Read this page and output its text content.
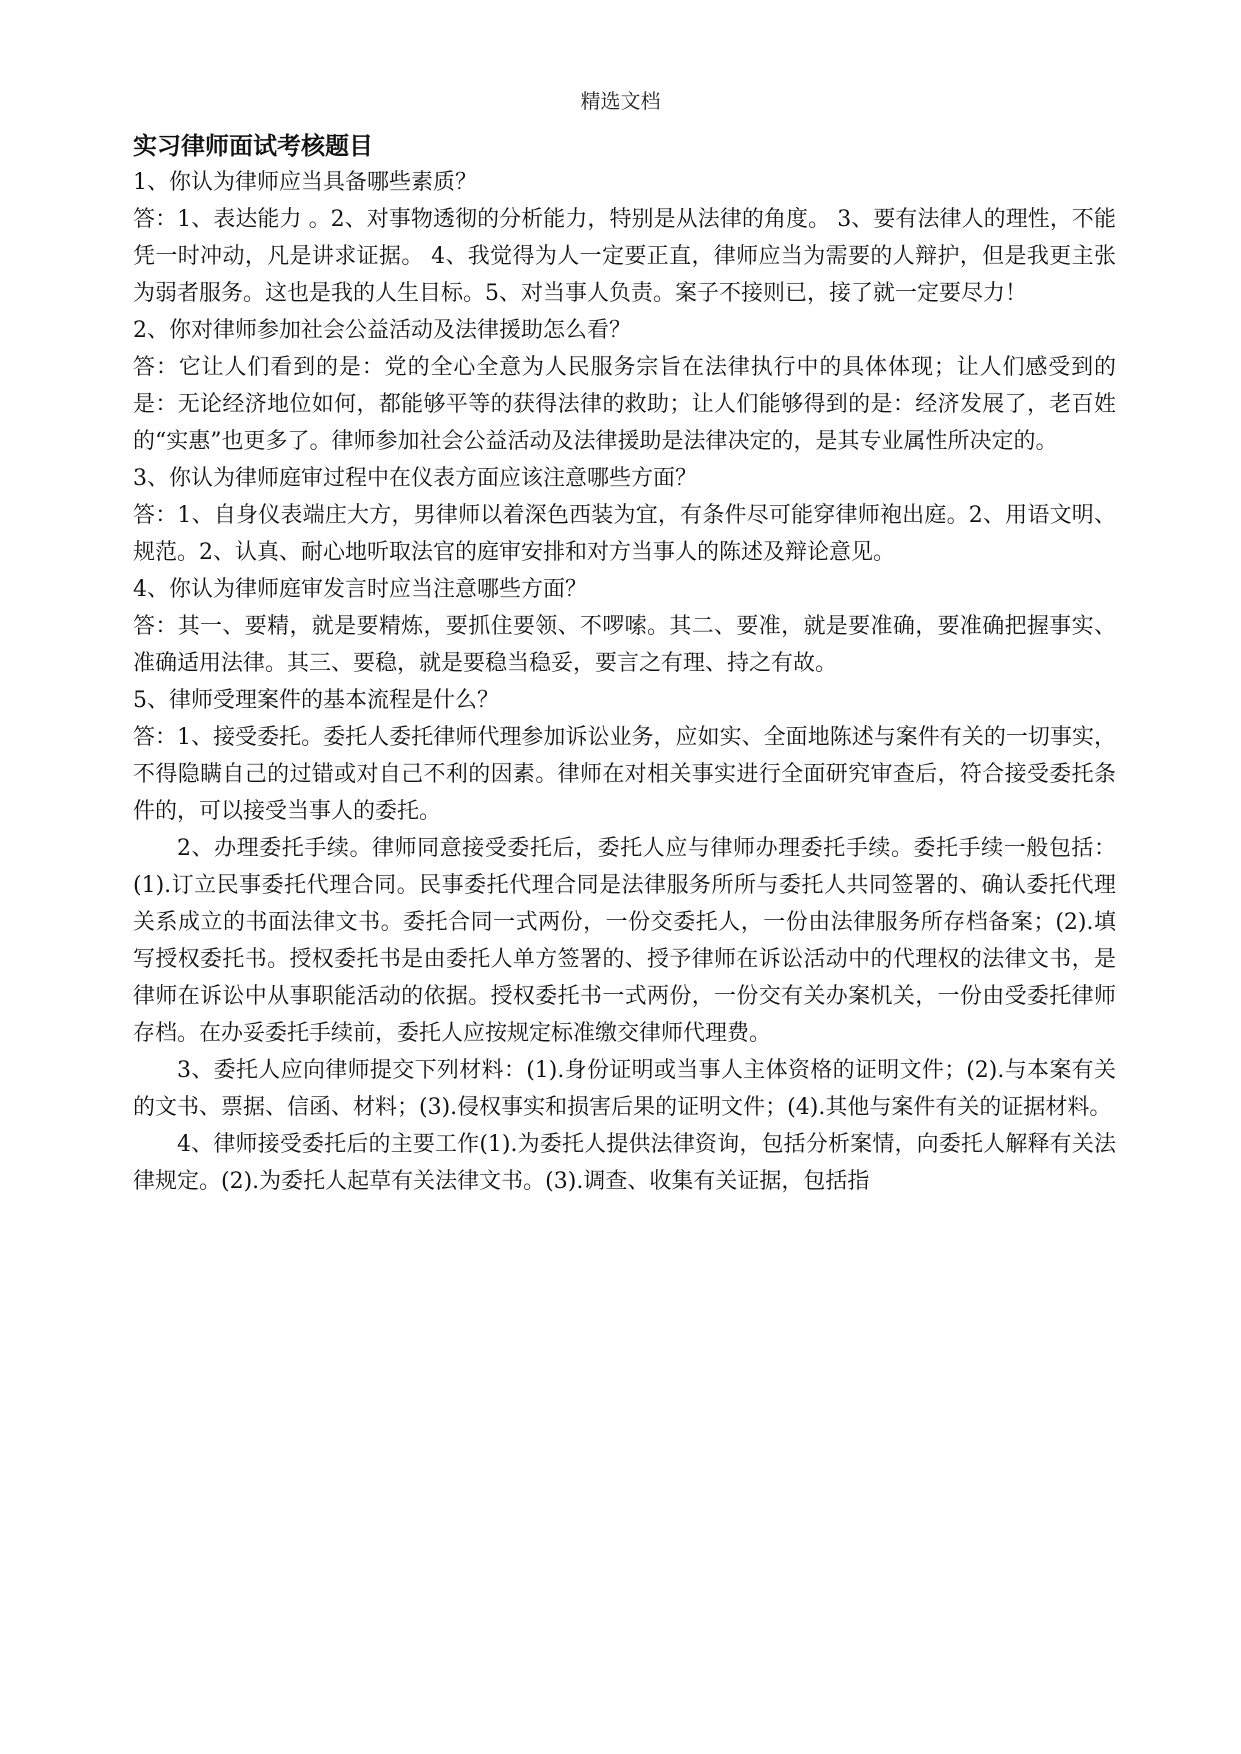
精选文档
实习律师面试考核题目

1、你认为律师应当具备哪些素质？

答：1、表达能力 。2、对事物透彻的分析能力，特别是从法律的角度。 3、要有法律人的理性，不能凭一时冲动，凡是讲求证据。 4、我觉得为人一定要正直，律师应当为需要的人辩护，但是我更主张为弱者服务。这也是我的人生目标。5、对当事人负责。案子不接则已，接了就一定要尽力！

2、你对律师参加社会公益活动及法律援助怎么看？

答：它让人们看到的是：党的全心全意为人民服务宗旨在法律执行中的具体体现；让人们感受到的是：无论经济地位如何，都能够平等的获得法律的救助；让人们能够得到的是：经济发展了，老百姓的“实惠”也更多了。律师参加社会公益活动及法律援助是法律决定的，是其专业属性所决定的。

3、你认为律师庭审过程中在仪表方面应该注意哪些方面？

答：1、自身仪表端庄大方，男律师以着深色西装为宜，有条件尽可能穿律师袍出庭。2、用语文明、规范。2、认真、耐心地听取法官的庭审安排和对方当事人的陈述及辩论意见。

4、你认为律师庭审发言时应当注意哪些方面？

答：其一、要精，就是要精炼，要抓住要领、不啰嗦。其二、要准，就是要准确，要准确把握事实、准确适用法律。其三、要稳，就是要稳当稳妥，要言之有理、持之有故。

5、律师受理案件的基本流程是什么？

答：1、接受委托。委托人委托律师代理参加诉讼业务，应如实、全面地陈述与案件有关的一切事实，不得隐瞒自己的过错或对自己不利的因素。律师在对相关事实进行全面研究审查后，符合接受委托条件的，可以接受当事人的委托。

2、办理委托手续。律师同意接受委托后，委托人应与律师办理委托手续。委托手续一般包括：(1).订立民事委托代理合同。民事委托代理合同是法律服务所所与委托人共同签署的、确认委托代理关系成立的书面法律文书。委托合同一式两份，一份交委托人，一份由法律服务所存档备案；(2).填写授权委托书。授权委托书是由委托人单方签署的、授予律师在诉讼活动中的代理权的法律文书，是律师在诉讼中从事职能活动的依据。授权委托书一式两份，一份交有关办案机关，一份由受委托律师存档。在办妥委托手续前，委托人应按规定标准缴交律师代理费。

3、委托人应向律师提交下列材料：(1).身份证明或当事人主体资格的证明文件；(2).与本案有关的文书、票据、信函、材料；(3).侵权事实和损害后果的证明文件；(4).其他与案件有关的证据材料。

4、律师接受委托后的主要工作(1).为委托人提供法律资询，包括分析案情，向委托人解释有关法律规定。(2).为委托人起草有关法律文书。(3).调查、收集有关证据，包括指
